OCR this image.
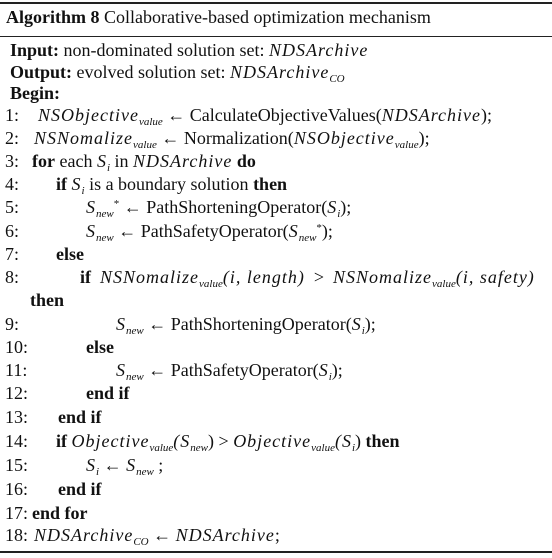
Algorithm 8 Collaborative-based optimization mechanism
Input: non-dominated solution set: NDSArchive
Output: evolved solution set: NDSArchive$_{CO}$
Begin:
1:	NSObjective$_{value}$ ← CalculateObjectiveValues(NDSArchive);
2: NSNomalize$_{value}$ ← Normalization(NSObjective$_{value}$);
3: for each $S_i$ in NDSArchive do
4:	if $S_i$ is a boundary solution then
5:	$S_{new}^*$ ← $PathShorteningOperator(S_i)$;
6:	$S_{new}$ ← $PathSafetyOperator(S_{new}^*)$;
7:	else
8:	if NSNomalize$_{value}$(i, length) > NSNomalize$_{value}$(i, safety)
then
9:	$S_{new}$ ← $PathShorteningOperator(S_i)$;
10:	else
11:	$S_{new}$ ← $PathSafetyOperator(S_i)$;
12:	end if
13:	end if
14:	if $Objective_{value}(S_{new})$ > $Objective_{value}(S_i)$ then
15:	$S_i$ ← $S_{new}$ ;
16:	end if
17: end for
18: NDSArchive$_{CO}$ ← NDSArchive;
